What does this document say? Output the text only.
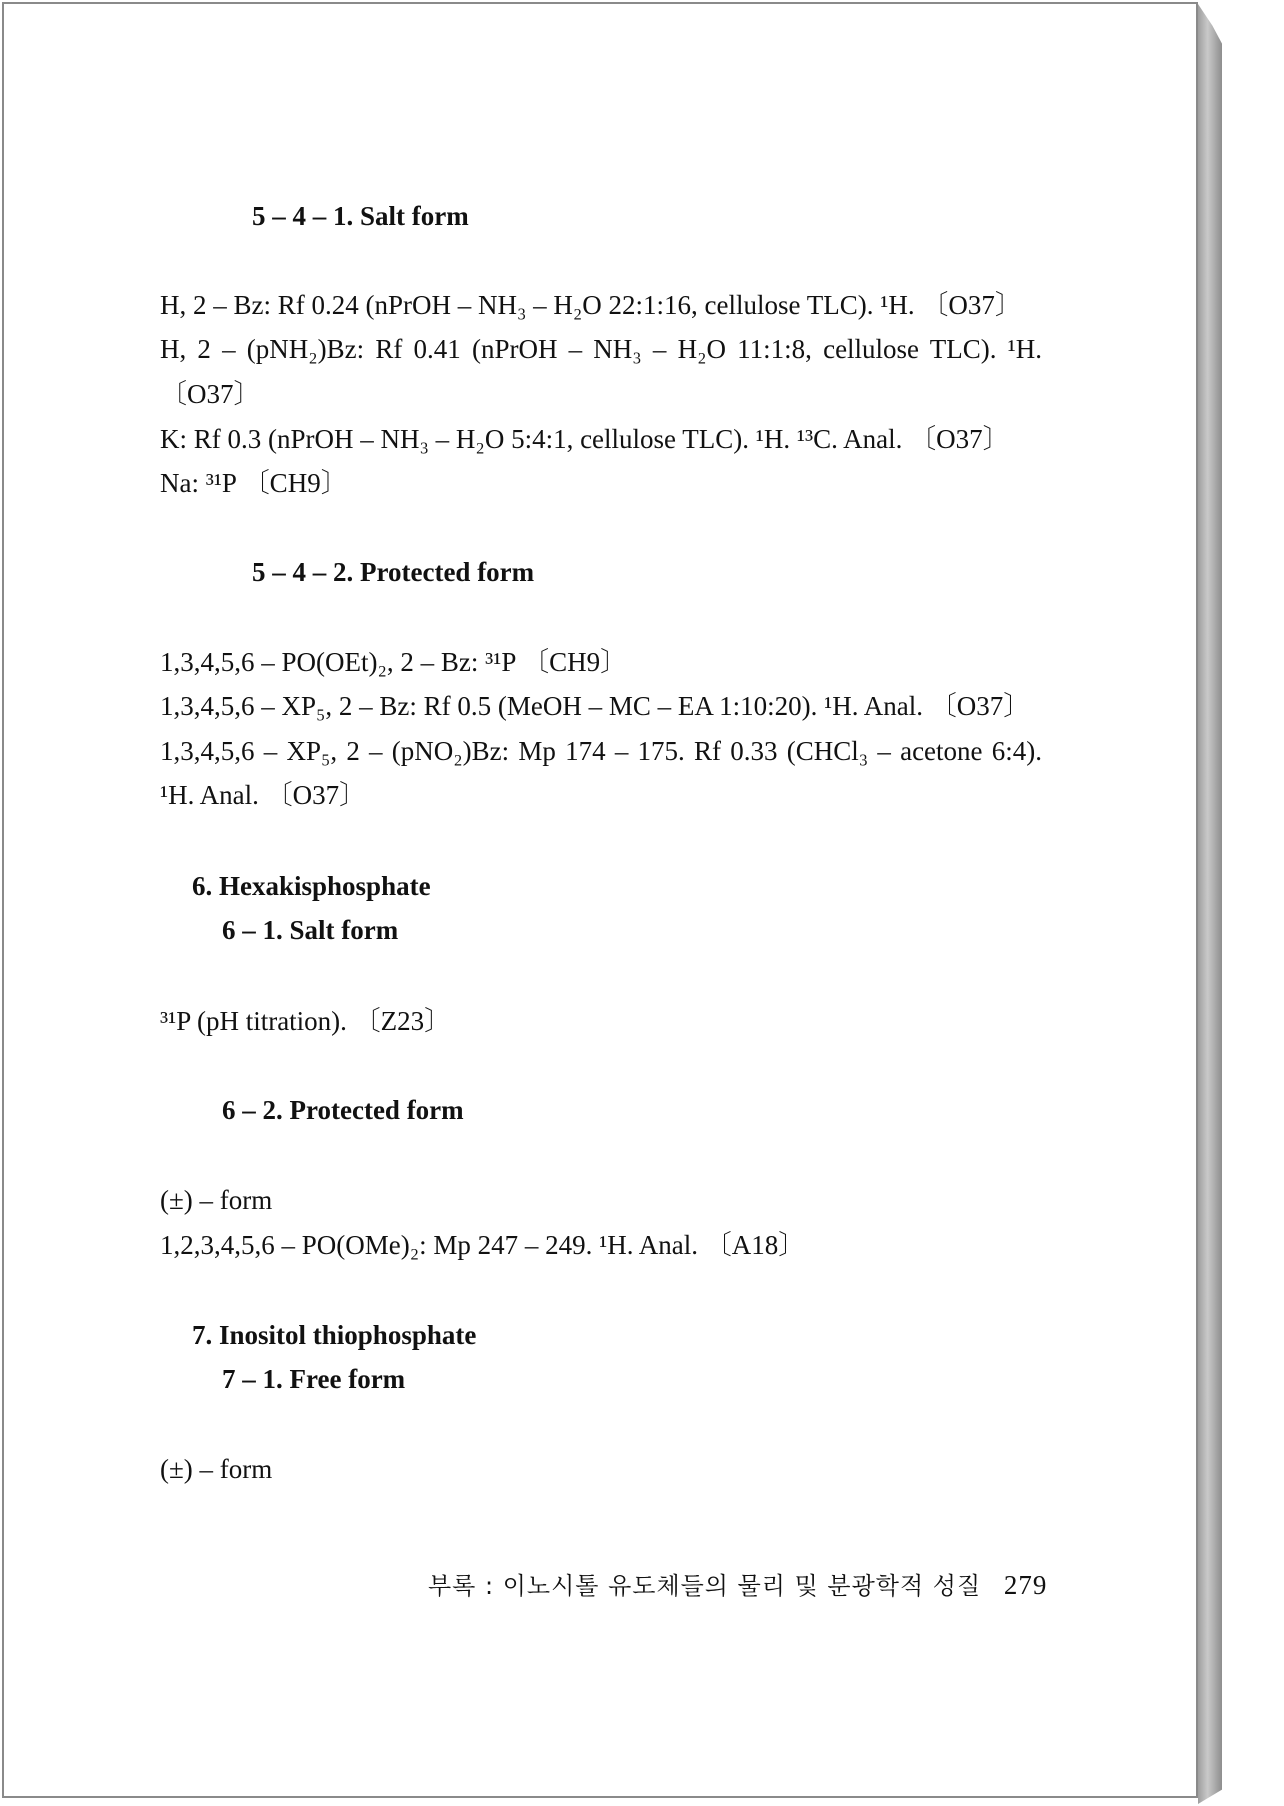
5 – 4 – 1. Salt form

H, 2 – Bz: Rf 0.24 (nPrOH – NH₃ – H₂O 22:1:16, cellulose TLC). ¹H. 〔O37〕

H, 2 – (pNH₂)Bz: Rf 0.41 (nPrOH – NH₃ – H₂O 11:1:8, cellulose TLC). ¹H.

〔O37〕

K: Rf 0.3 (nPrOH – NH₃ – H₂O 5:4:1, cellulose TLC). ¹H. ¹³C. Anal. 〔O37〕

Na: ³¹P 〔CH9〕

5 – 4 – 2. Protected form

1,3,4,5,6 – PO(OEt)₂, 2 – Bz: ³¹P 〔CH9〕

1,3,4,5,6 – XP₅, 2 – Bz: Rf 0.5 (MeOH – MC – EA 1:10:20). ¹H. Anal. 〔O37〕

1,3,4,5,6 – XP₅, 2 – (pNO₂)Bz: Mp 174 – 175. Rf 0.33 (CHCl₃ – acetone 6:4).

¹H. Anal. 〔O37〕

6. Hexakisphosphate

6 – 1. Salt form

³¹P (pH titration). 〔Z23〕

6 – 2. Protected form

(±) – form

1,2,3,4,5,6 – PO(OMe)₂: Mp 247 – 249. ¹H. Anal. 〔A18〕

7. Inositol thiophosphate

7 – 1. Free form

(±) – form

부록 : 이노시톨 유도체들의 물리 및 분광학적 성질 279
